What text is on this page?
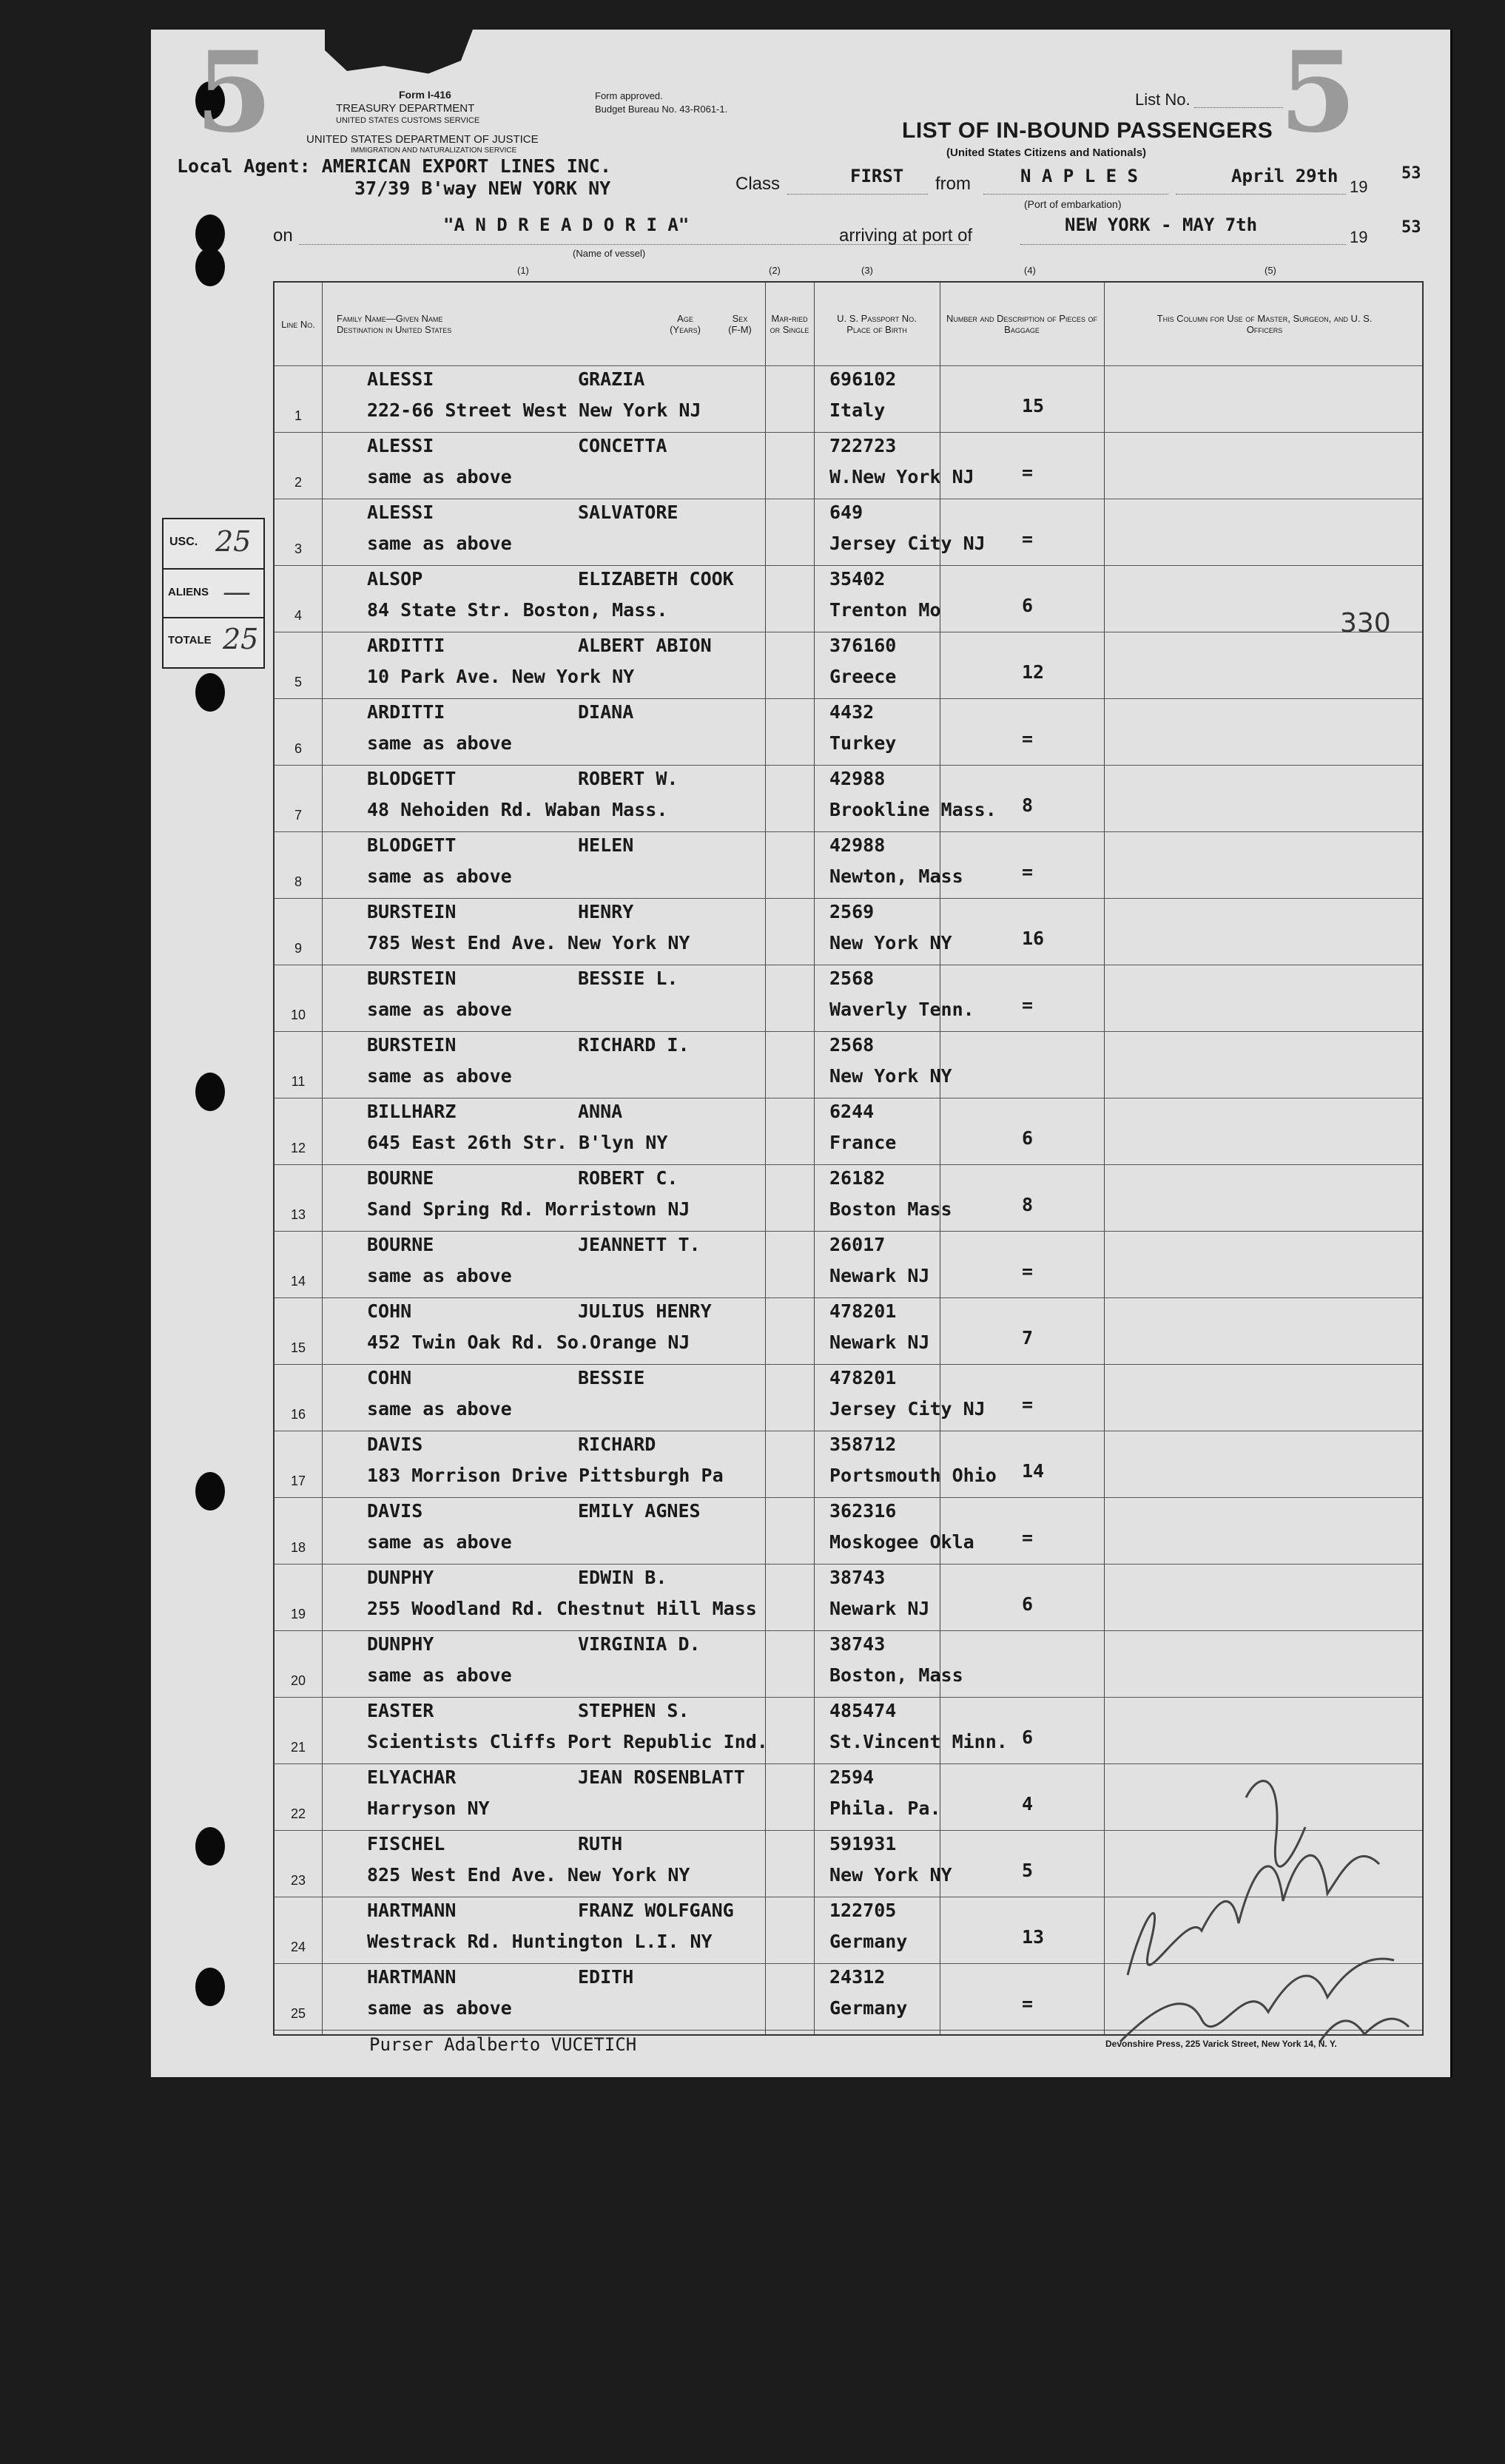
5	5
Form I-416
TREASURY DEPARTMENT
UNITED STATES CUSTOMS SERVICE
Form approved.
Budget Bureau No. 43-R061-1.
UNITED STATES DEPARTMENT OF JUSTICE
IMMIGRATION AND NATURALIZATION SERVICE
Local Agent: AMERICAN EXPORT LINES INC.
37/39 B'way NEW YORK NY
List No.
LIST OF IN-BOUND PASSENGERS
(United States Citizens and Nationals)
Class	FIRST from	N A P L E S
(Port of embarkation)
April 29th
19
53
on
"A N D R E A D O R I A"
(Name of vessel)
arriving at port of
NEW YORK - MAY 7th
19
53
(1)	(2)	(3)	(4)	(5)
Line No.	Family Name—Given Name
Destination in United States
Age
(Years)
Sex
(F-M)
Mar-ried or Single
U. S. Passport No.
Place of Birth
Number and Description of Pieces of Baggage
This Column for Use of Master, Surgeon, and U. S. Officers
1
ALESSI	GRAZIA
222-66 Street West New York NJ
696102
Italy	15
2
ALESSI	CONCETTA
same as above
722723
W.New York NJ	=
3
ALESSI	SALVATORE
same as above
649
Jersey City NJ =
4
ALSOP	ELIZABETH COOK
84 State Str. Boston, Mass.
35402
Trenton Mo	6
5
ARDITTI	ALBERT ABION
10 Park Ave. New York NY
376160
Greece	12
6
ARDITTI	DIANA
same as above
4432
Turkey	=
7
BLODGETT	ROBERT W.
48 Nehoiden Rd. Waban Mass.
42988
Brookline Mass. 8
8
BLODGETT	HELEN
same as above
42988
Newton, Mass	=
9
BURSTEIN	HENRY
785 West End Ave. New York NY
2569
New York NY	16
10
BURSTEIN	BESSIE L.
same as above
2568
Waverly Tenn.	=
11
BURSTEIN	RICHARD I.
same as above
2568
New York NY
12
BILLHARZ	ANNA
645 East 26th Str. B'lyn NY
6244
France	6
13
BOURNE	ROBERT C.
Sand Spring Rd. Morristown NJ
26182
Boston Mass	8
14
BOURNE	JEANNETT T.
same as above
26017
Newark NJ	=
15
COHN	JULIUS HENRY
452 Twin Oak Rd. So.Orange NJ
478201
Newark NJ	7
16
COHN	BESSIE
same as above
478201
Jersey City NJ =
17
DAVIS	RICHARD
183 Morrison Drive Pittsburgh Pa
358712
Portsmouth Ohio 14
18
DAVIS	EMILY AGNES
same as above
362316
Moskogee Okla	=
19
DUNPHY	EDWIN B.
255 Woodland Rd. Chestnut Hill Mass
38743
Newark NJ	6
20
DUNPHY	VIRGINIA D.
same as above
38743
Boston, Mass
21
EASTER	STEPHEN S.
Scientists Cliffs Port Republic Ind.
485474
St.Vincent Minn. 6
22
ELYACHAR	JEAN ROSENBLATT
Harryson NY
2594
Phila. Pa.	4
23
FISCHEL	RUTH
825 West End Ave. New York NY
591931
New York NY	5
24
HARTMANN	FRANZ WOLFGANG
Westrack Rd. Huntington L.I. NY
122705
Germany	13
25
HARTMANN	EDITH
same as above
24312
Germany	=
330
USC. 25
ALIENS —
TOTALE 25
Purser Adalberto VUCETICH	Devonshire Press, 225 Varick Street, New York 14, N. Y.
